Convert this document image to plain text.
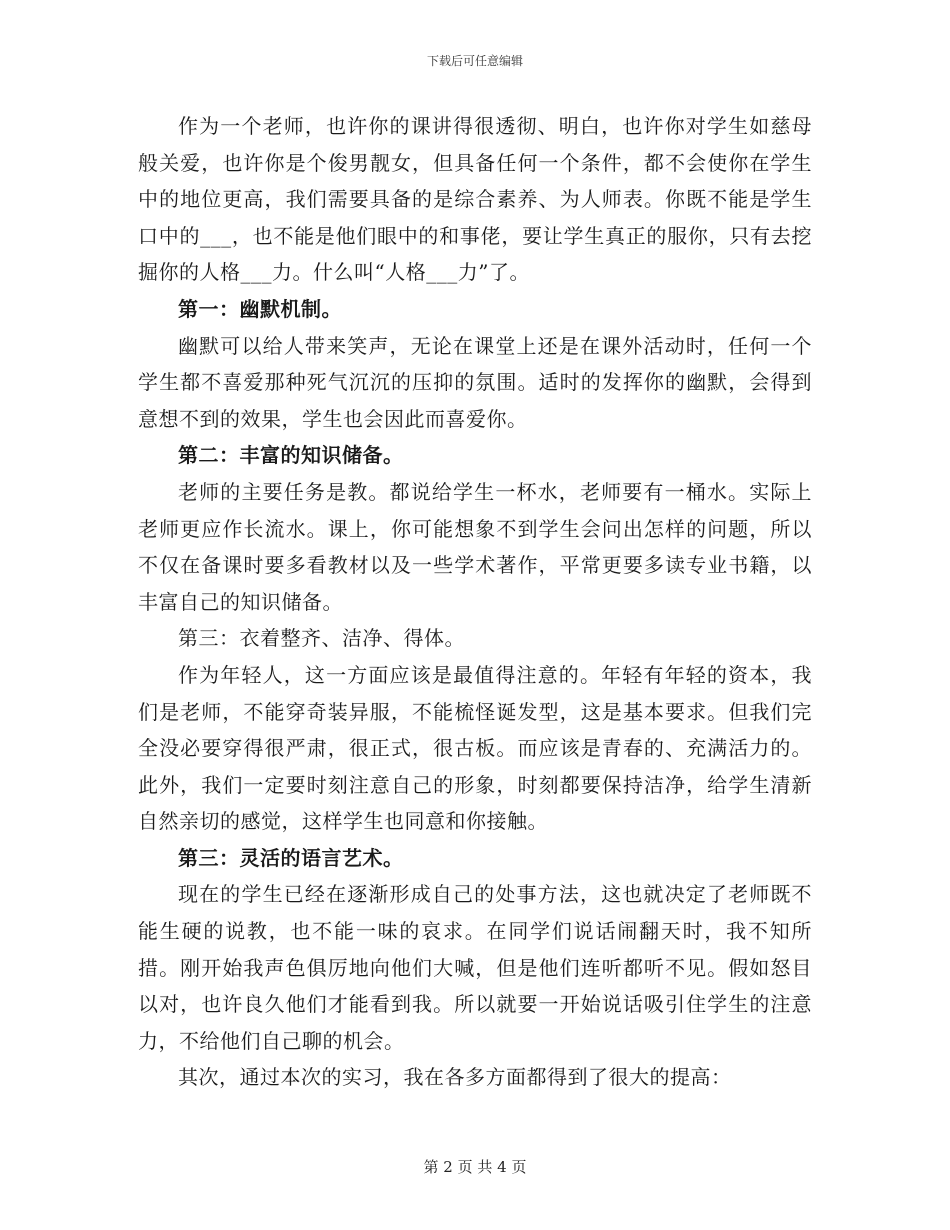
下载后可任意编辑

作为一个老师，也许你的课讲得很透彻、明白，也许你对学生如慈母般关爱，也许你是个俊男靓女，但具备任何一个条件，都不会使你在学生中的地位更高，我们需要具备的是综合素养、为人师表。你既不能是学生口中的___，也不能是他们眼中的和事佬，要让学生真正的服你，只有去挖掘你的人格___力。什么叫“人格___力”了。

第一：幽默机制。

幽默可以给人带来笑声，无论在课堂上还是在课外活动时，任何一个学生都不喜爱那种死气沉沉的压抑的氛围。适时的发挥你的幽默，会得到意想不到的效果，学生也会因此而喜爱你。

第二：丰富的知识储备。

老师的主要任务是教。都说给学生一杯水，老师要有一桶水。实际上老师更应作长流水。课上，你可能想象不到学生会问出怎样的问题，所以不仅在备课时要多看教材以及一些学术著作，平常更要多读专业书籍，以丰富自己的知识储备。

第三：衣着整齐、洁净、得体。

作为年轻人，这一方面应该是最值得注意的。年轻有年轻的资本，我们是老师，不能穿奇装异服，不能梳怪诞发型，这是基本要求。但我们完全没必要穿得很严肃，很正式，很古板。而应该是青春的、充满活力的。此外，我们一定要时刻注意自己的形象，时刻都要保持洁净，给学生清新自然亲切的感觉，这样学生也同意和你接触。

第三：灵活的语言艺术。

现在的学生已经在逐渐形成自己的处事方法，这也就决定了老师既不能生硬的说教，也不能一味的哀求。在同学们说话闹翻天时，我不知所措。刚开始我声色俱厉地向他们大喊，但是他们连听都听不见。假如怒目以对，也许良久他们才能看到我。所以就要一开始说话吸引住学生的注意力，不给他们自己聊的机会。

其次，通过本次的实习，我在各多方面都得到了很大的提高：

第 2 页 共 4 页
